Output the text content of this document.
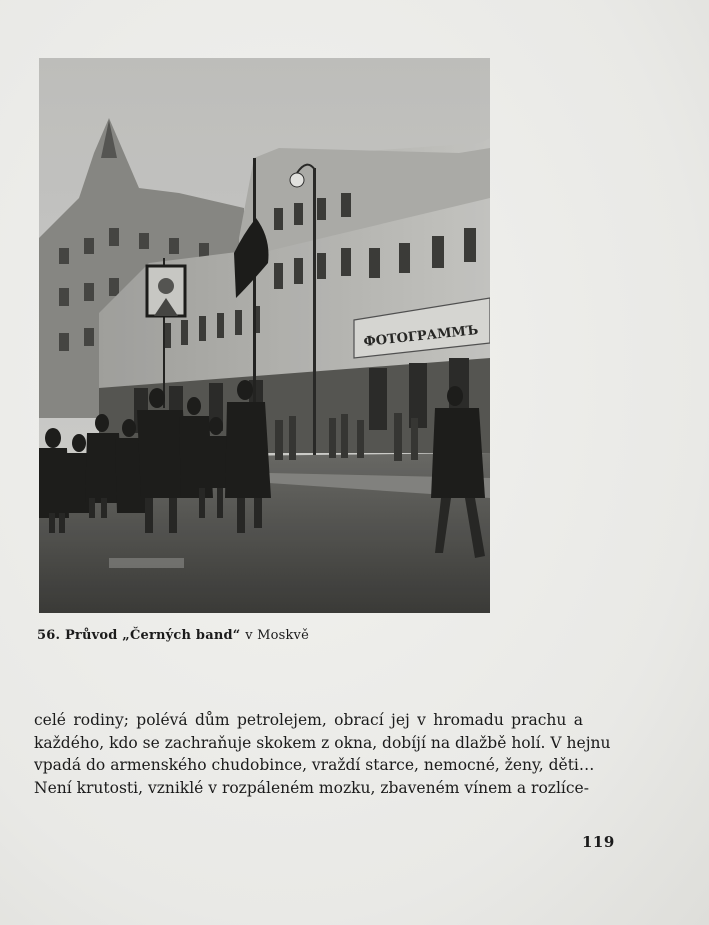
ФОТОГРАММЪ
56. Průvod „Černých band“ v Moskvě
celé rodiny; polévá dům petrolejem, obrací jej v hromadu prachu a
každého, kdo se zachraňuje skokem z okna, dobíjí na dlažbě holí. V hejnu
vpadá do armenského chudobince, vraždí starce, nemocné, ženy, děti…
Není krutosti, vzniklé v rozpáleném mozku, zbaveném vínem a rozlíce-
119
